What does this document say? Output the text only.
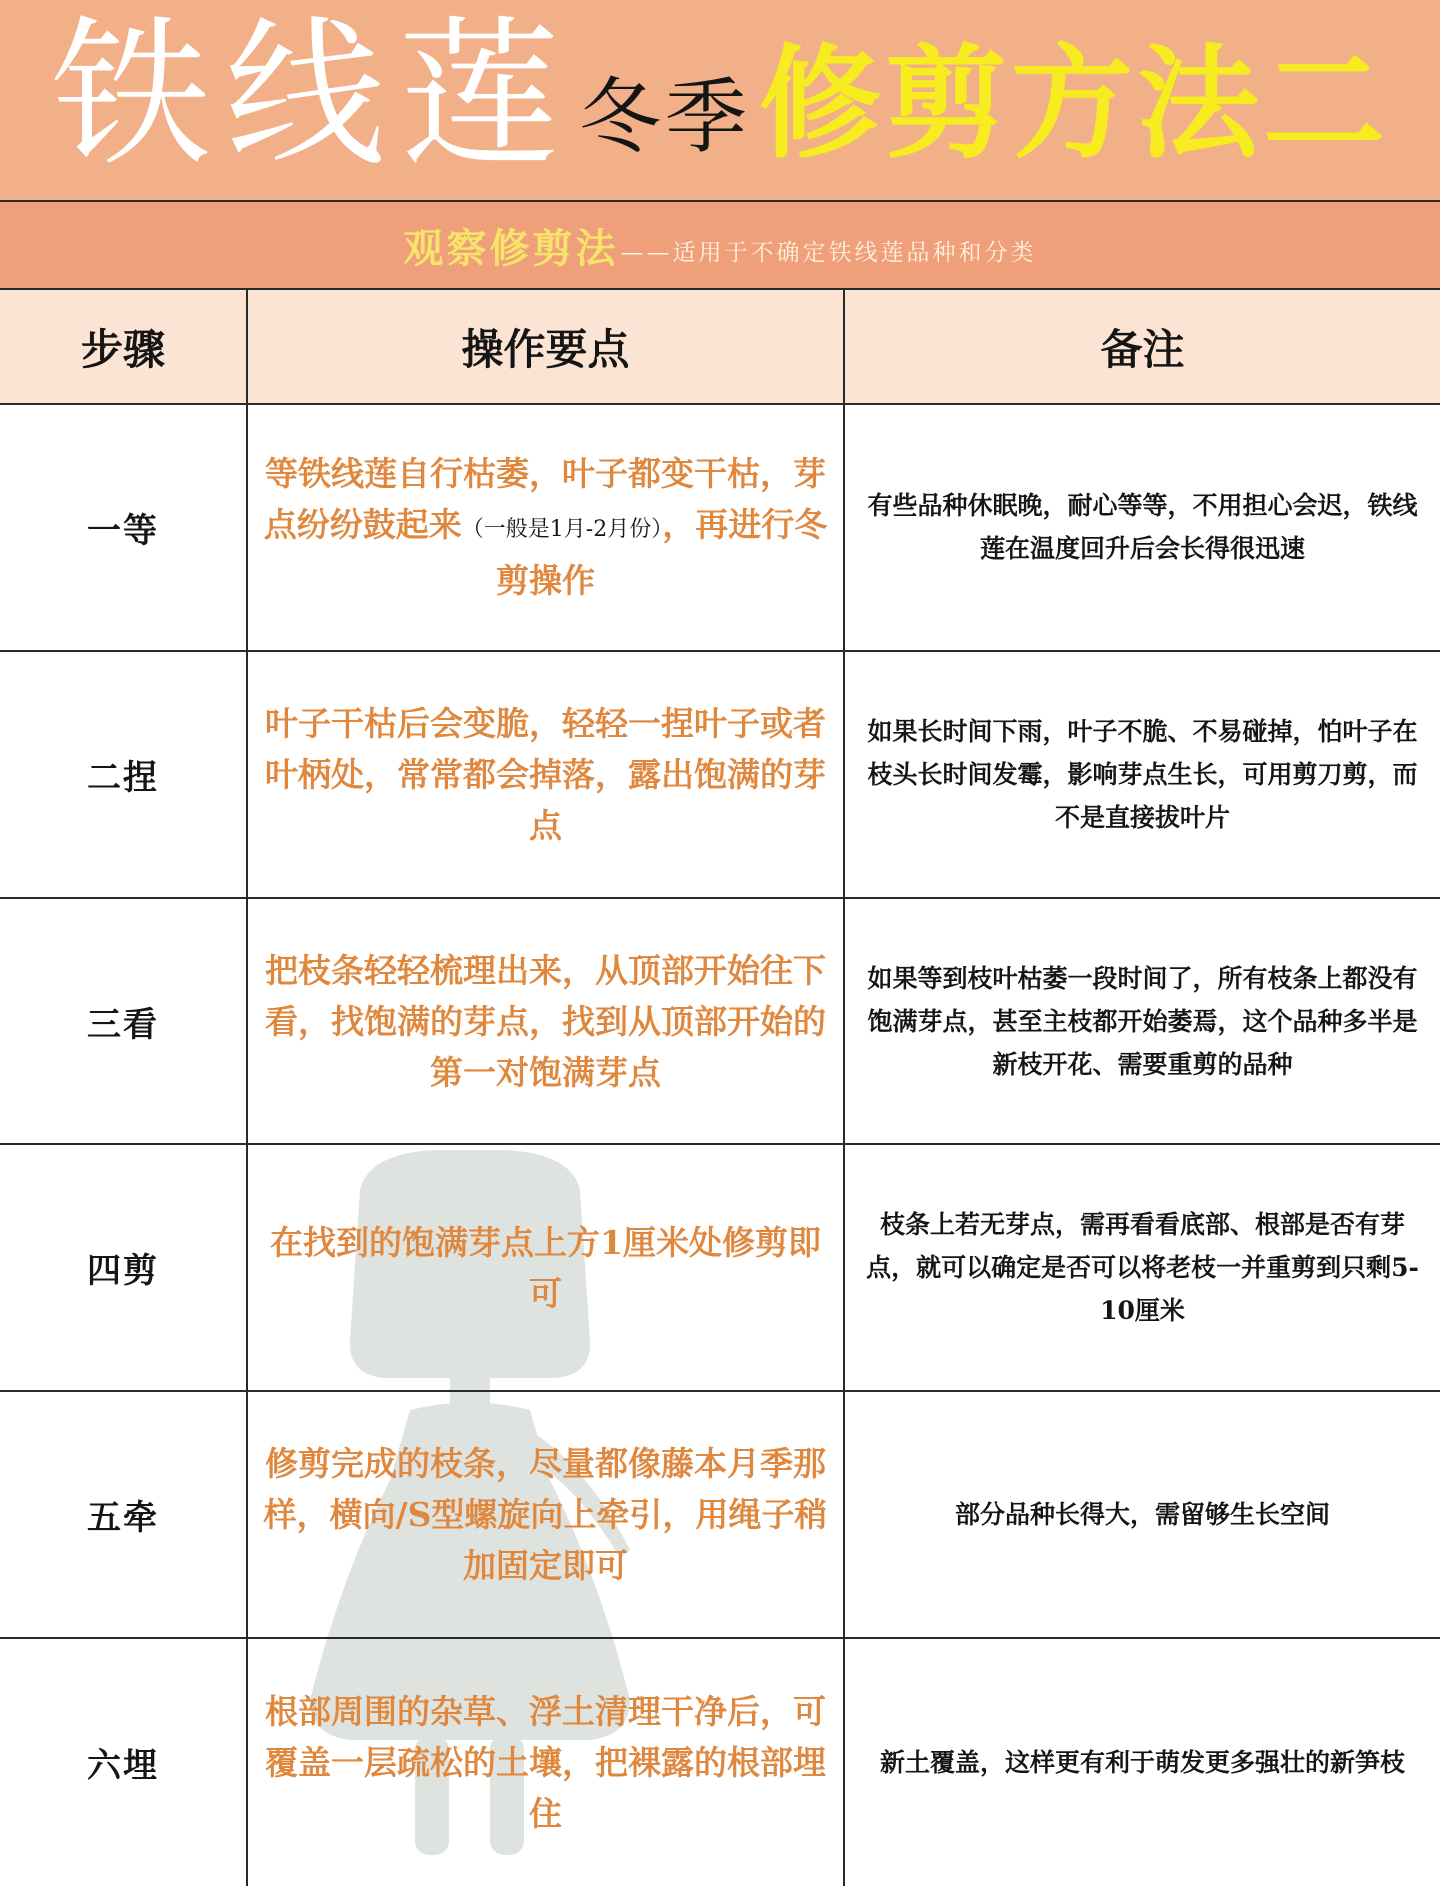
铁线莲 冬季 修剪方法二
观察修剪法 ——适用于不确定铁线莲品种和分类
步骤	操作要点	备注
一等
等铁线莲自行枯萎，叶子都变干枯，芽点纷纷鼓起来（一般是1月-2月份），再进行冬剪操作
有些品种休眠晚，耐心等等，不用担心会迟，铁线莲在温度回升后会长得很迅速
二捏
叶子干枯后会变脆，轻轻一捏叶子或者叶柄处，常常都会掉落，露出饱满的芽点
如果长时间下雨，叶子不脆、不易碰掉，怕叶子在枝头长时间发霉，影响芽点生长，可用剪刀剪，而不是直接拔叶片
三看
把枝条轻轻梳理出来，从顶部开始往下看，找饱满的芽点，找到从顶部开始的第一对饱满芽点
如果等到枝叶枯萎一段时间了，所有枝条上都没有饱满芽点，甚至主枝都开始萎焉，这个品种多半是新枝开花、需要重剪的品种
四剪
在找到的饱满芽点上方1厘米处修剪即可
枝条上若无芽点，需再看看底部、根部是否有芽点，就可以确定是否可以将老枝一并重剪到只剩5-10厘米
五牵
修剪完成的枝条，尽量都像藤本月季那样，横向/S型螺旋向上牵引，用绳子稍加固定即可
部分品种长得大，需留够生长空间
六埋
根部周围的杂草、浮土清理干净后，可覆盖一层疏松的土壤，把裸露的根部埋住
新土覆盖，这样更有利于萌发更多强壮的新笋枝
